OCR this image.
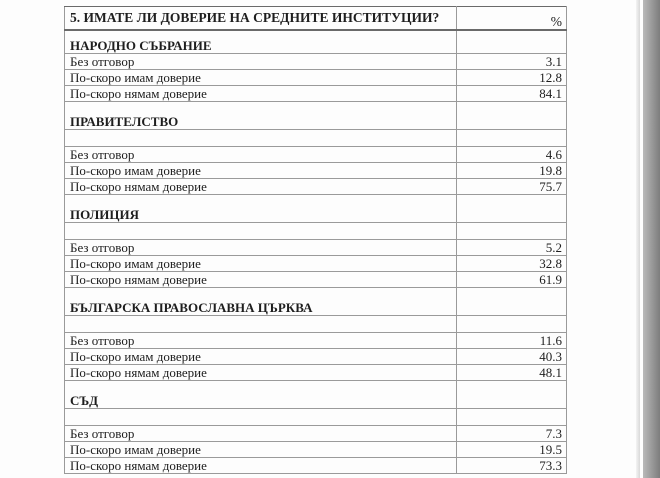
5. ИМАТЕ ЛИ ДОВЕРИЕ НА СРЕДНИТЕ ИНСТИТУЦИИ?	%
НАРОДНО СЪБРАНИЕ	
Без отговор	3.1
По-скоро имам доверие	12.8
По-скоро нямам доверие	84.1
ПРАВИТЕЛСТВО	

Без отговор	4.6
По-скоро имам доверие	19.8
По-скоро нямам доверие	75.7
ПОЛИЦИЯ	

Без отговор	5.2
По-скоро имам доверие	32.8
По-скоро нямам доверие	61.9
БЪЛГАРСКА ПРАВОСЛАВНА ЦЪРКВА	

Без отговор	11.6
По-скоро имам доверие	40.3
По-скоро нямам доверие	48.1
СЪД	

Без отговор	7.3
По-скоро имам доверие	19.5
По-скоро нямам доверие	73.3
